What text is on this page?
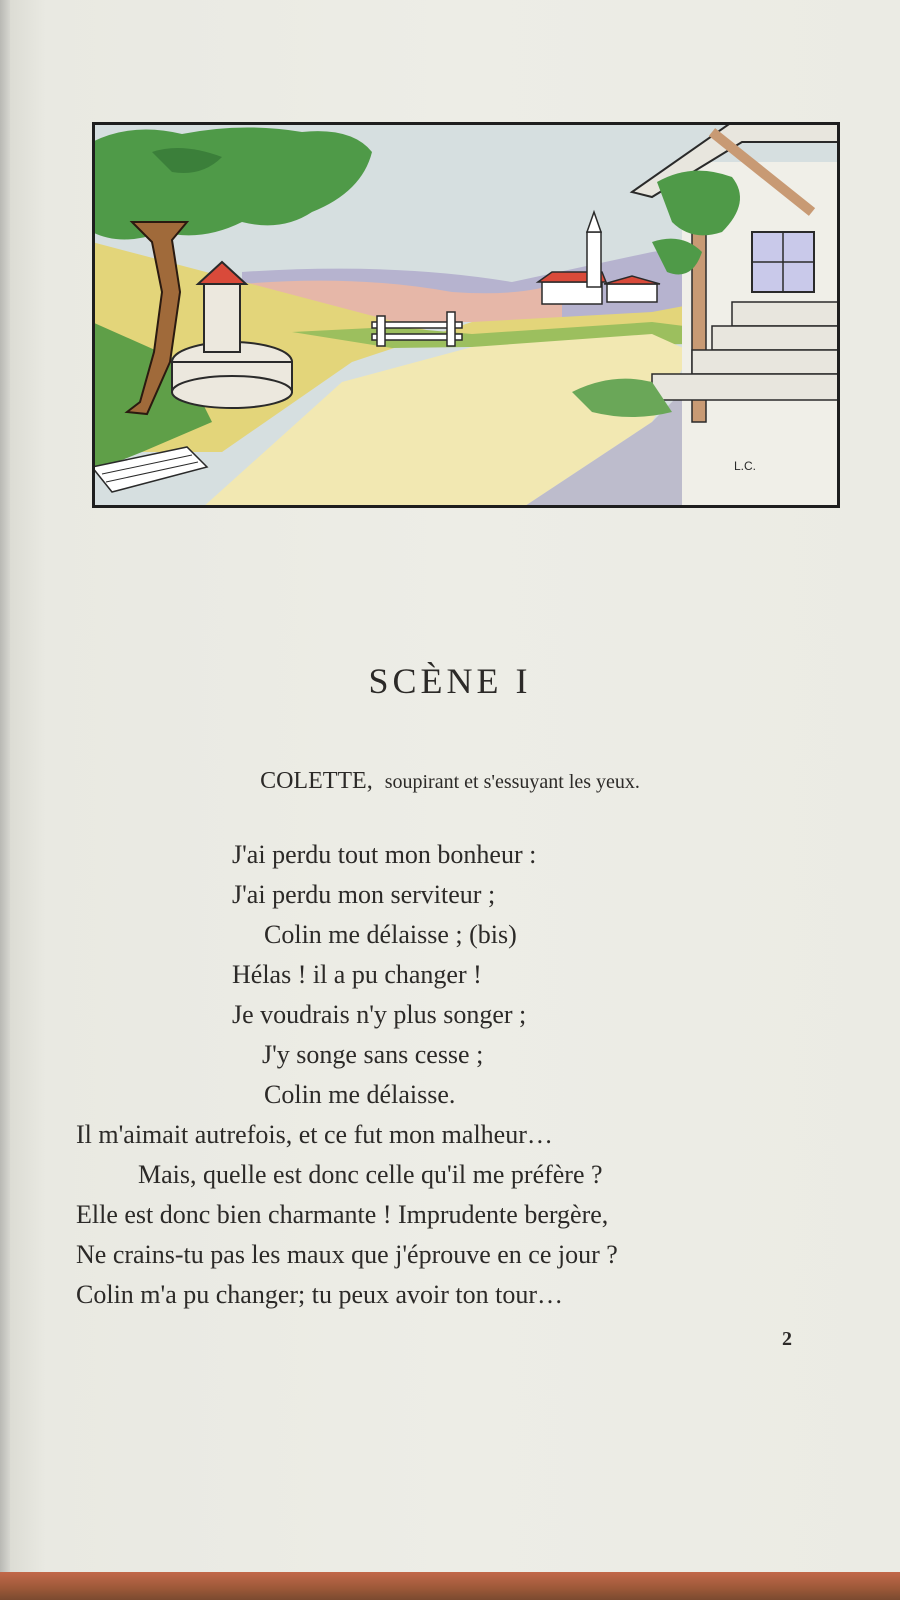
L.C.
SCÈNE I
COLETTE, soupirant et s'essuyant les yeux.
J'ai perdu tout mon bonheur :
J'ai perdu mon serviteur ;
Colin me délaisse ; (bis)
Hélas ! il a pu changer !
Je voudrais n'y plus songer ;
J'y songe sans cesse ;
Colin me délaisse.
Il m'aimait autrefois, et ce fut mon malheur…
Mais, quelle est donc celle qu'il me préfère ?
Elle est donc bien charmante ! Imprudente bergère,
Ne crains-tu pas les maux que j'éprouve en ce jour ?
Colin m'a pu changer; tu peux avoir ton tour…
2
